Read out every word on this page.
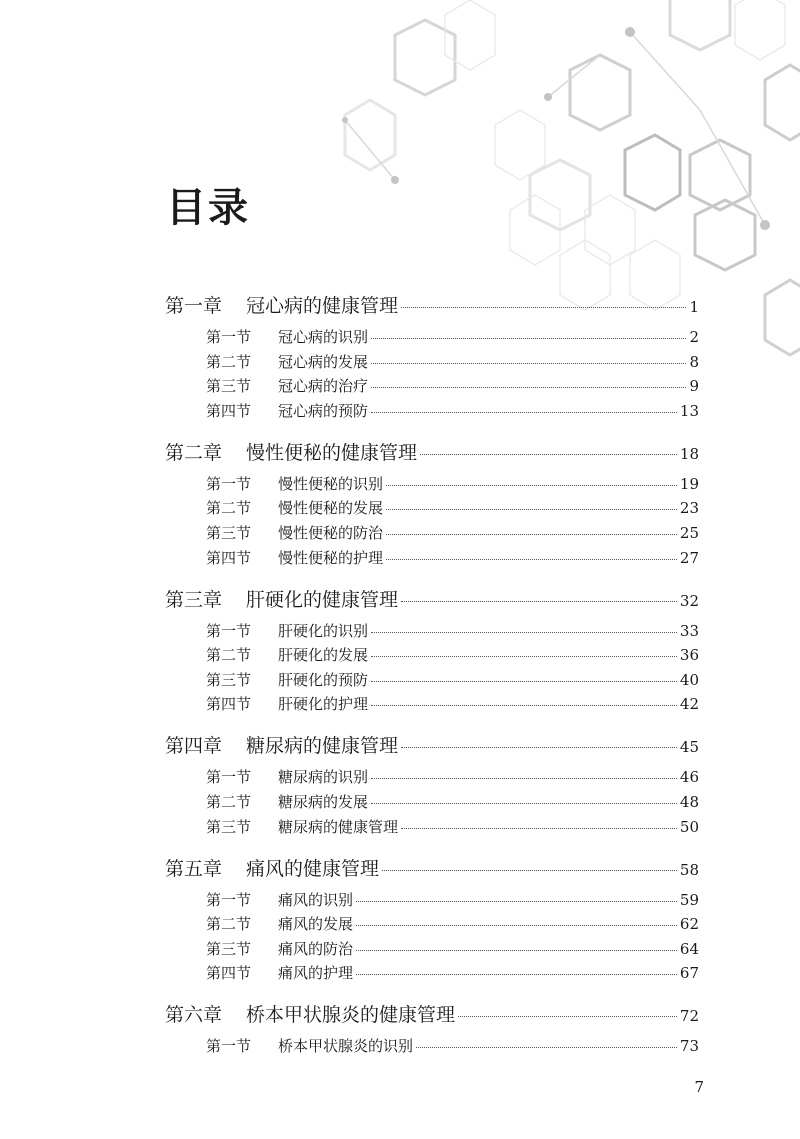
目录
第一章	冠心病的健康管理	1
第一节	冠心病的识别	2
第二节	冠心病的发展	8
第三节	冠心病的治疗	9
第四节	冠心病的预防	13
第二章	慢性便秘的健康管理	18
第一节	慢性便秘的识别	19
第二节	慢性便秘的发展	23
第三节	慢性便秘的防治	25
第四节	慢性便秘的护理	27
第三章	肝硬化的健康管理	32
第一节	肝硬化的识别	33
第二节	肝硬化的发展	36
第三节	肝硬化的预防	40
第四节	肝硬化的护理	42
第四章	糖尿病的健康管理	45
第一节	糖尿病的识别	46
第二节	糖尿病的发展	48
第三节	糖尿病的健康管理	50
第五章	痛风的健康管理	58
第一节	痛风的识别	59
第二节	痛风的发展	62
第三节	痛风的防治	64
第四节	痛风的护理	67
第六章	桥本甲状腺炎的健康管理	72
第一节	桥本甲状腺炎的识别	73
7
